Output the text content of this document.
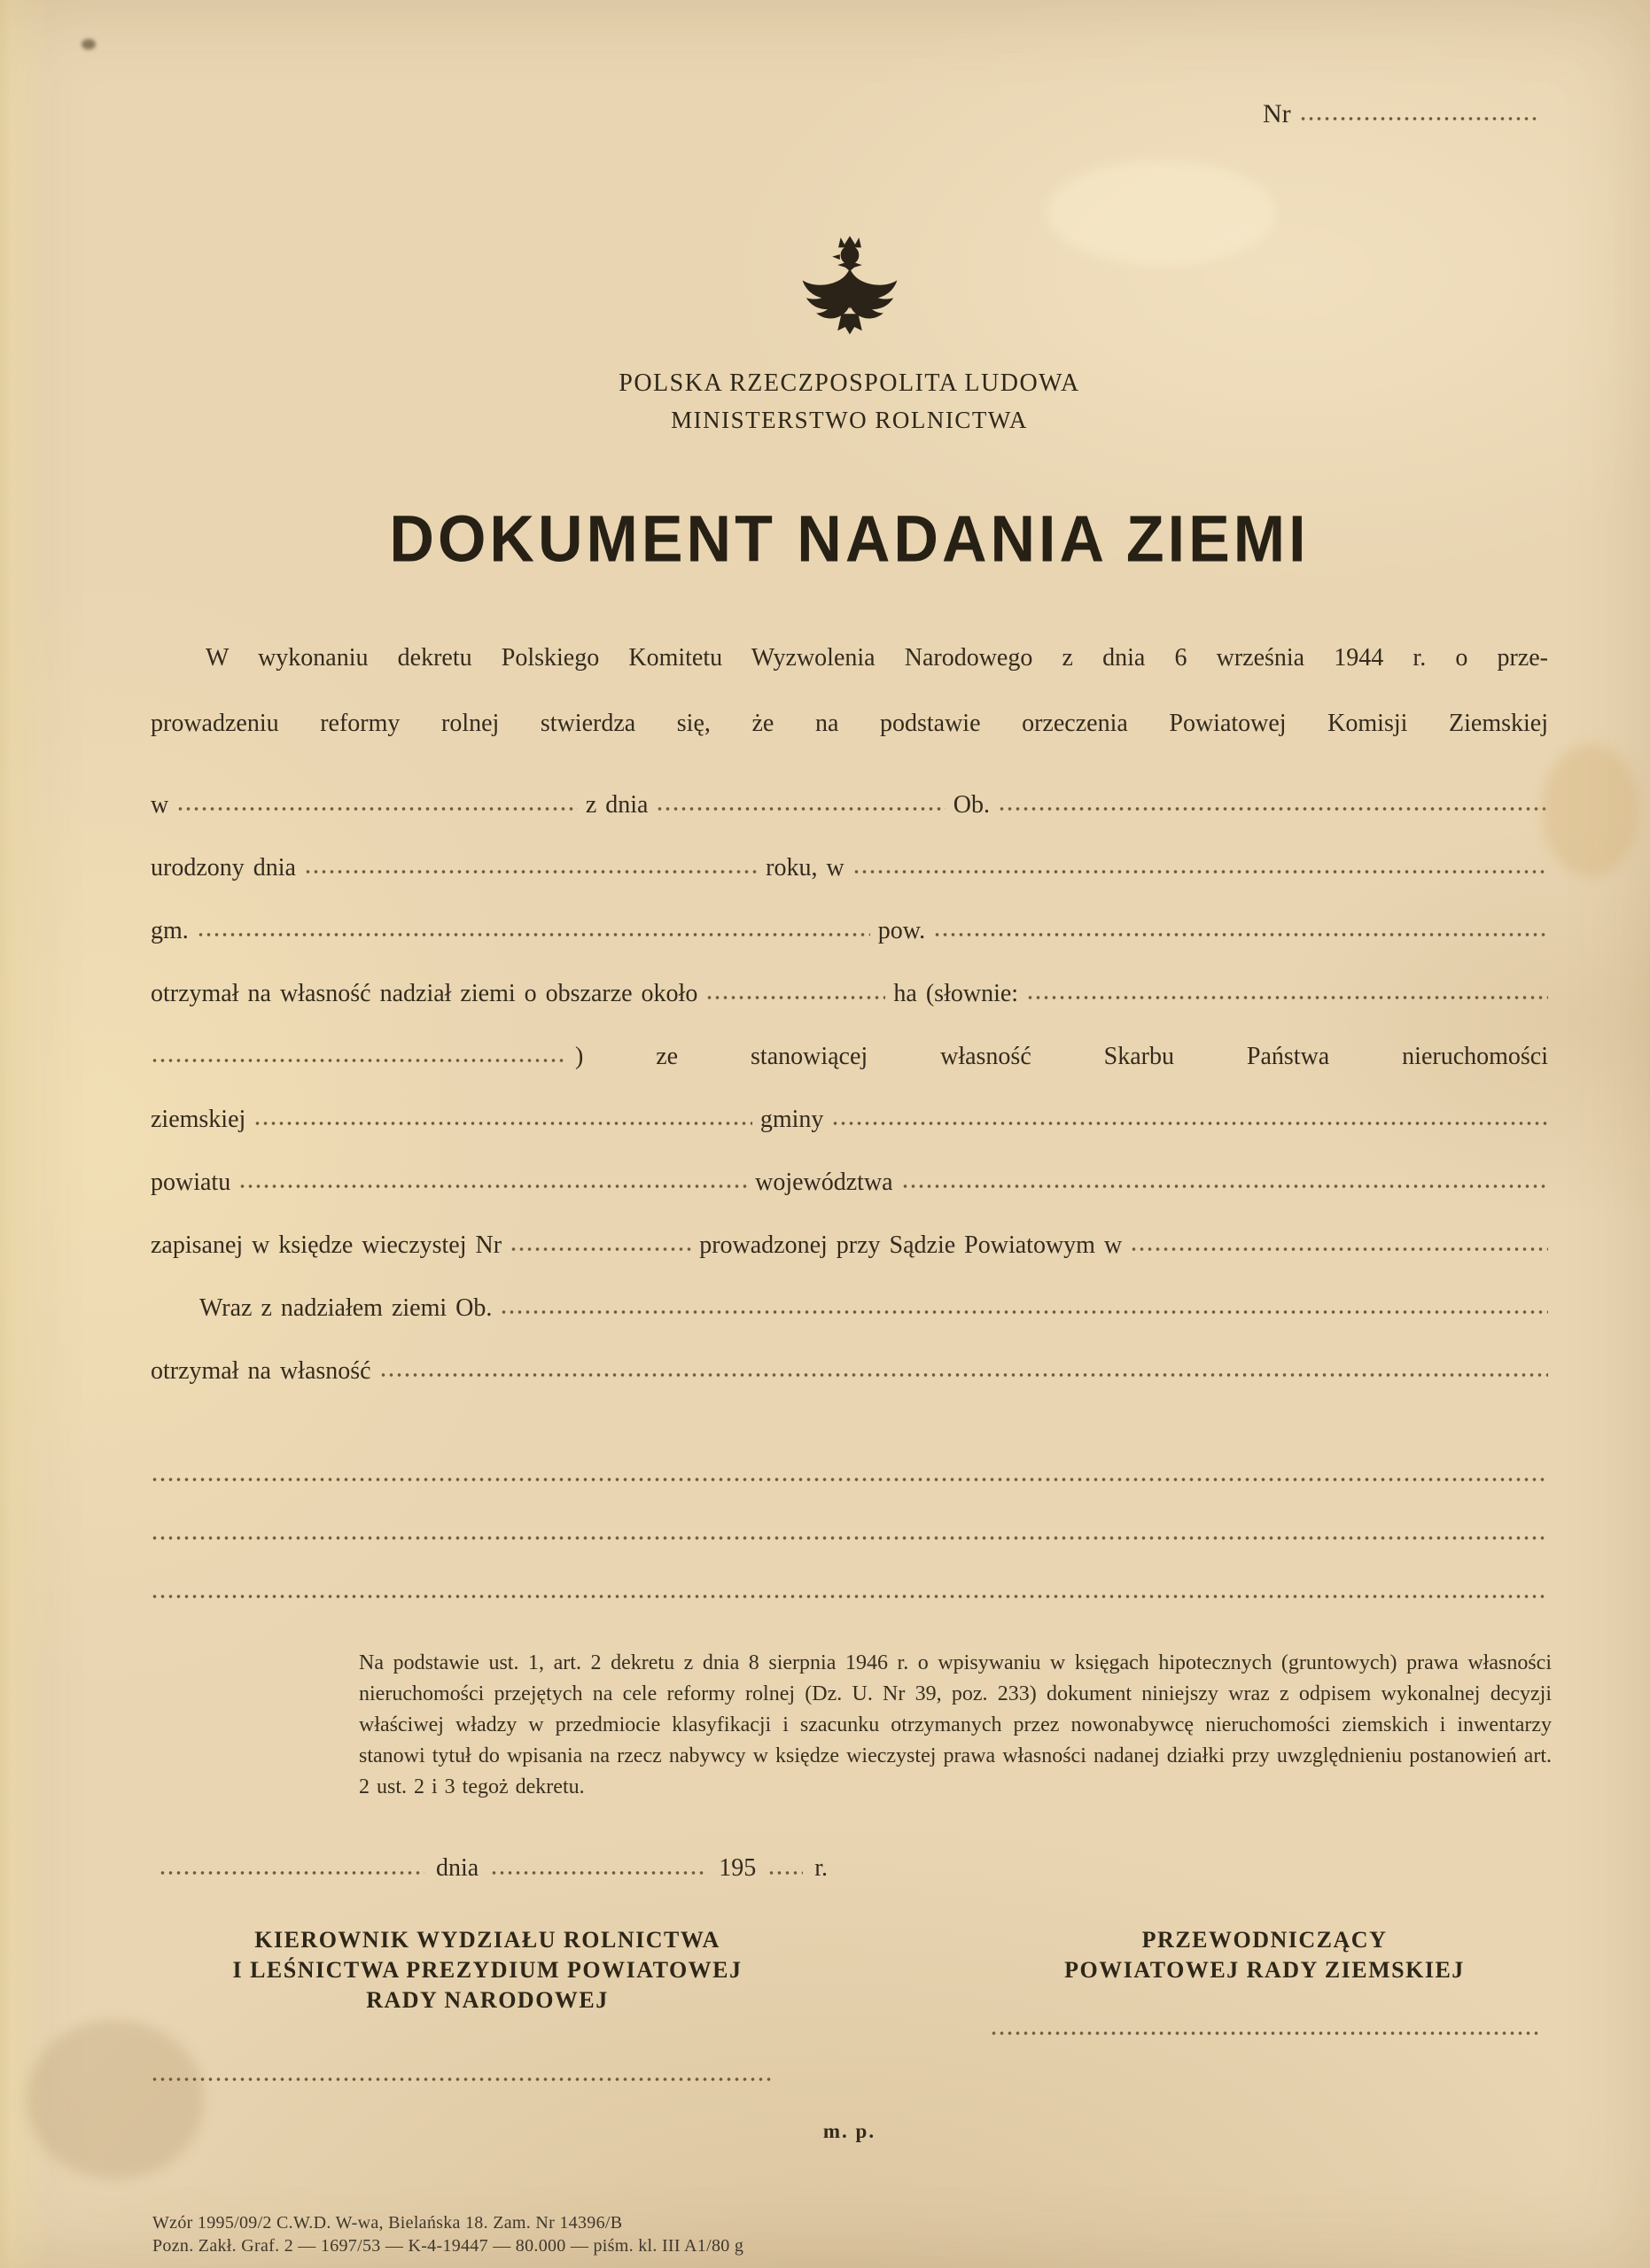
Nr
POLSKA RZECZPOSPOLITA LUDOWA
MINISTERSTWO ROLNICTWA
DOKUMENT NADANIA ZIEMI
W wykonaniu dekretu Polskiego Komitetu Wyzwolenia Narodowego z dnia 6 września 1944 r. o prze-
prowadzeniu reformy rolnej stwierdza się, że na podstawie orzeczenia Powiatowej Komisji Ziemskiej
w	z dnia	Ob.
urodzony dnia	roku, w
gm.	pow.
otrzymał na własność nadział ziemi o obszarze około	ha (słownie:
) ze stanowiącej własność Skarbu Państwa nieruchomości
ziemskiej	gminy
powiatu	województwa
zapisanej w księdze wieczystej Nr	prowadzonej przy Sądzie Powiatowym w
Wraz z nadziałem ziemi Ob.
otrzymał na własność
Na podstawie ust. 1, art. 2 dekretu z dnia 8 sierpnia 1946 r. o wpisywaniu w księgach hipotecznych (gruntowych) prawa własności nieruchomości przejętych na cele reformy rolnej (Dz. U. Nr 39, poz. 233) dokument niniejszy wraz z odpisem wykonalnej decyzji właściwej władzy w przedmiocie klasyfikacji i szacunku otrzymanych przez nowonabywcę nieruchomości ziemskich i inwentarzy stanowi tytuł do wpisania na rzecz nabywcy w księdze wieczystej prawa własności nadanej działki przy uwzględnieniu postanowień art. 2 ust. 2 i 3 tegoż dekretu.
dnia	195 r.
KIEROWNIK WYDZIAŁU ROLNICTWA
I LEŚNICTWA PREZYDIUM POWIATOWEJ
RADY NARODOWEJ
PRZEWODNICZĄCY
POWIATOWEJ RADY ZIEMSKIEJ
m. p.
Wzór 1995/09/2 C.W.D. W-wa, Bielańska 18. Zam. Nr 14396/B
Pozn. Zakł. Graf. 2 — 1697/53 — K-4-19447 — 80.000 — piśm. kl. III A1/80 g
